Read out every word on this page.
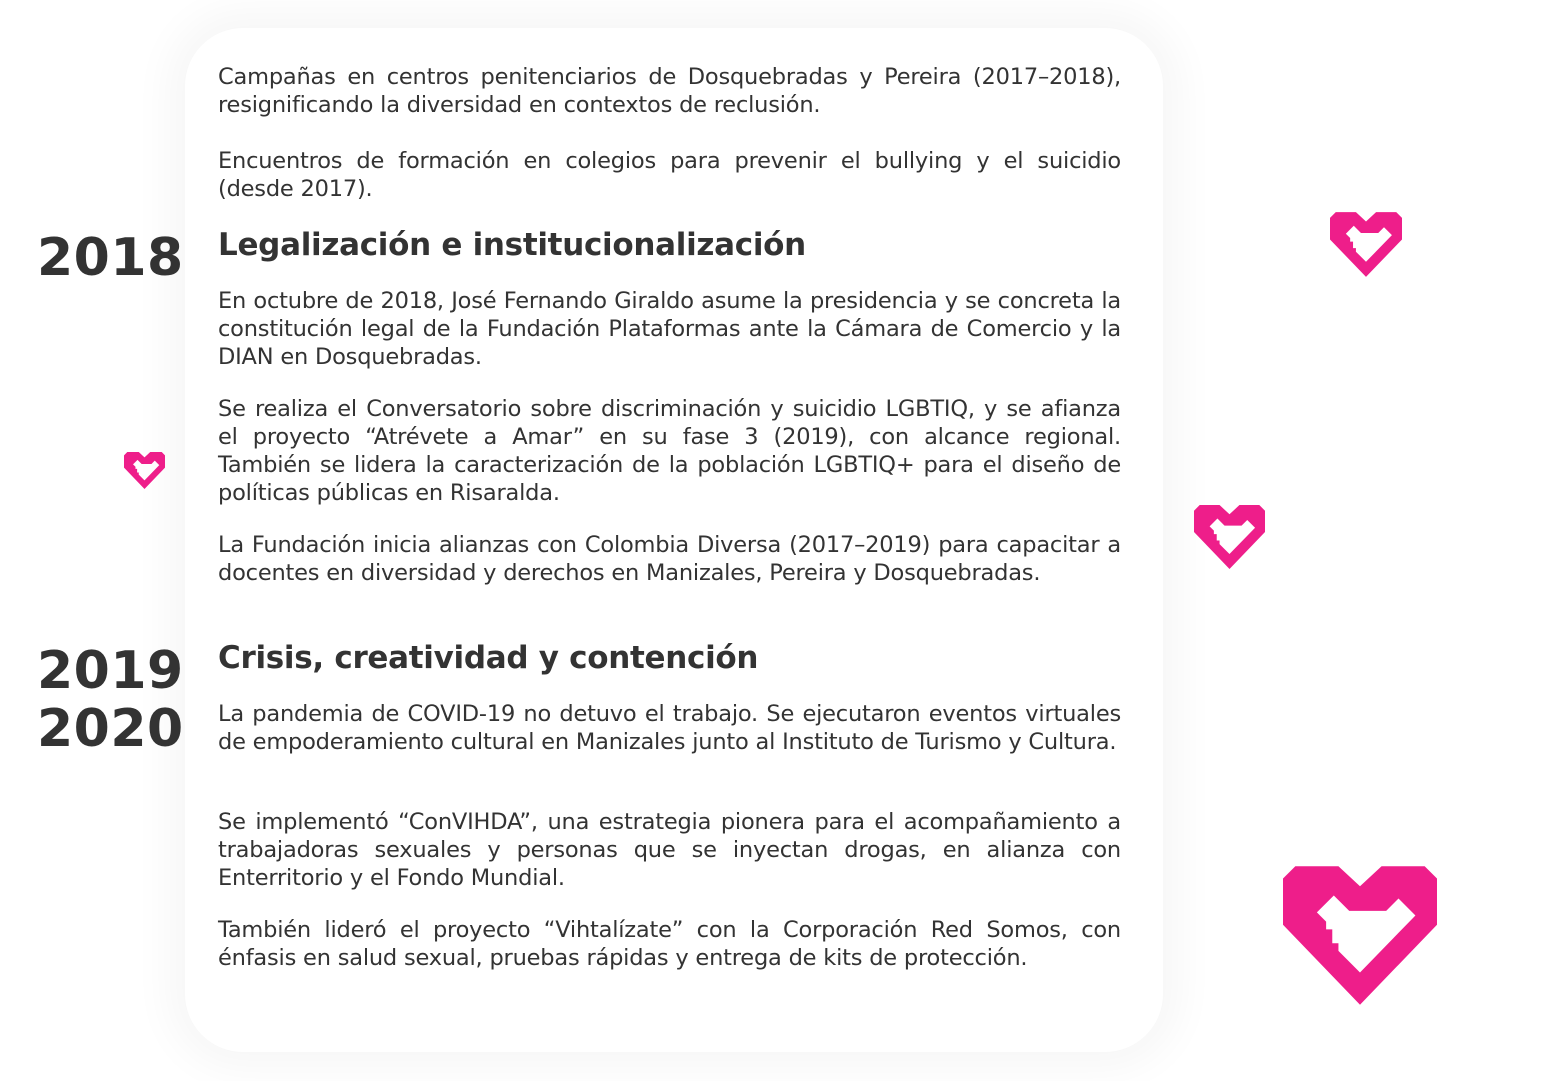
Campañas en centros penitenciarios de Dosquebradas y Pereira (2017–2018), resignificando la diversidad en contextos de reclusión.

Encuentros de formación en colegios para prevenir el bullying y el suicidio (desde 2017).

2018 Legalización e institucionalización

En octubre de 2018, José Fernando Giraldo asume la presidencia y se concreta la constitución legal de la Fundación Plataformas ante la Cámara de Comercio y la DIAN en Dosquebradas.

Se realiza el Conversatorio sobre discriminación y suicidio LGBTIQ, y se afianza el proyecto “Atrévete a Amar” en su fase 3 (2019), con alcance regional. También se lidera la caracterización de la población LGBTIQ+ para el diseño de políticas públicas en Risaralda.

La Fundación inicia alianzas con Colombia Diversa (2017–2019) para capacitar a docentes en diversidad y derechos en Manizales, Pereira y Dosquebradas.

2019
2020
Crisis, creatividad y contención

La pandemia de COVID-19 no detuvo el trabajo. Se ejecutaron eventos virtuales de empoderamiento cultural en Manizales junto al Instituto de Turismo y Cultura.

Se implementó “ConVIHDA”, una estrategia pionera para el acompañamiento a trabajadoras sexuales y personas que se inyectan drogas, en alianza con Enterritorio y el Fondo Mundial.

También lideró el proyecto “Vihtalízate” con la Corporación Red Somos, con énfasis en salud sexual, pruebas rápidas y entrega de kits de protección.
